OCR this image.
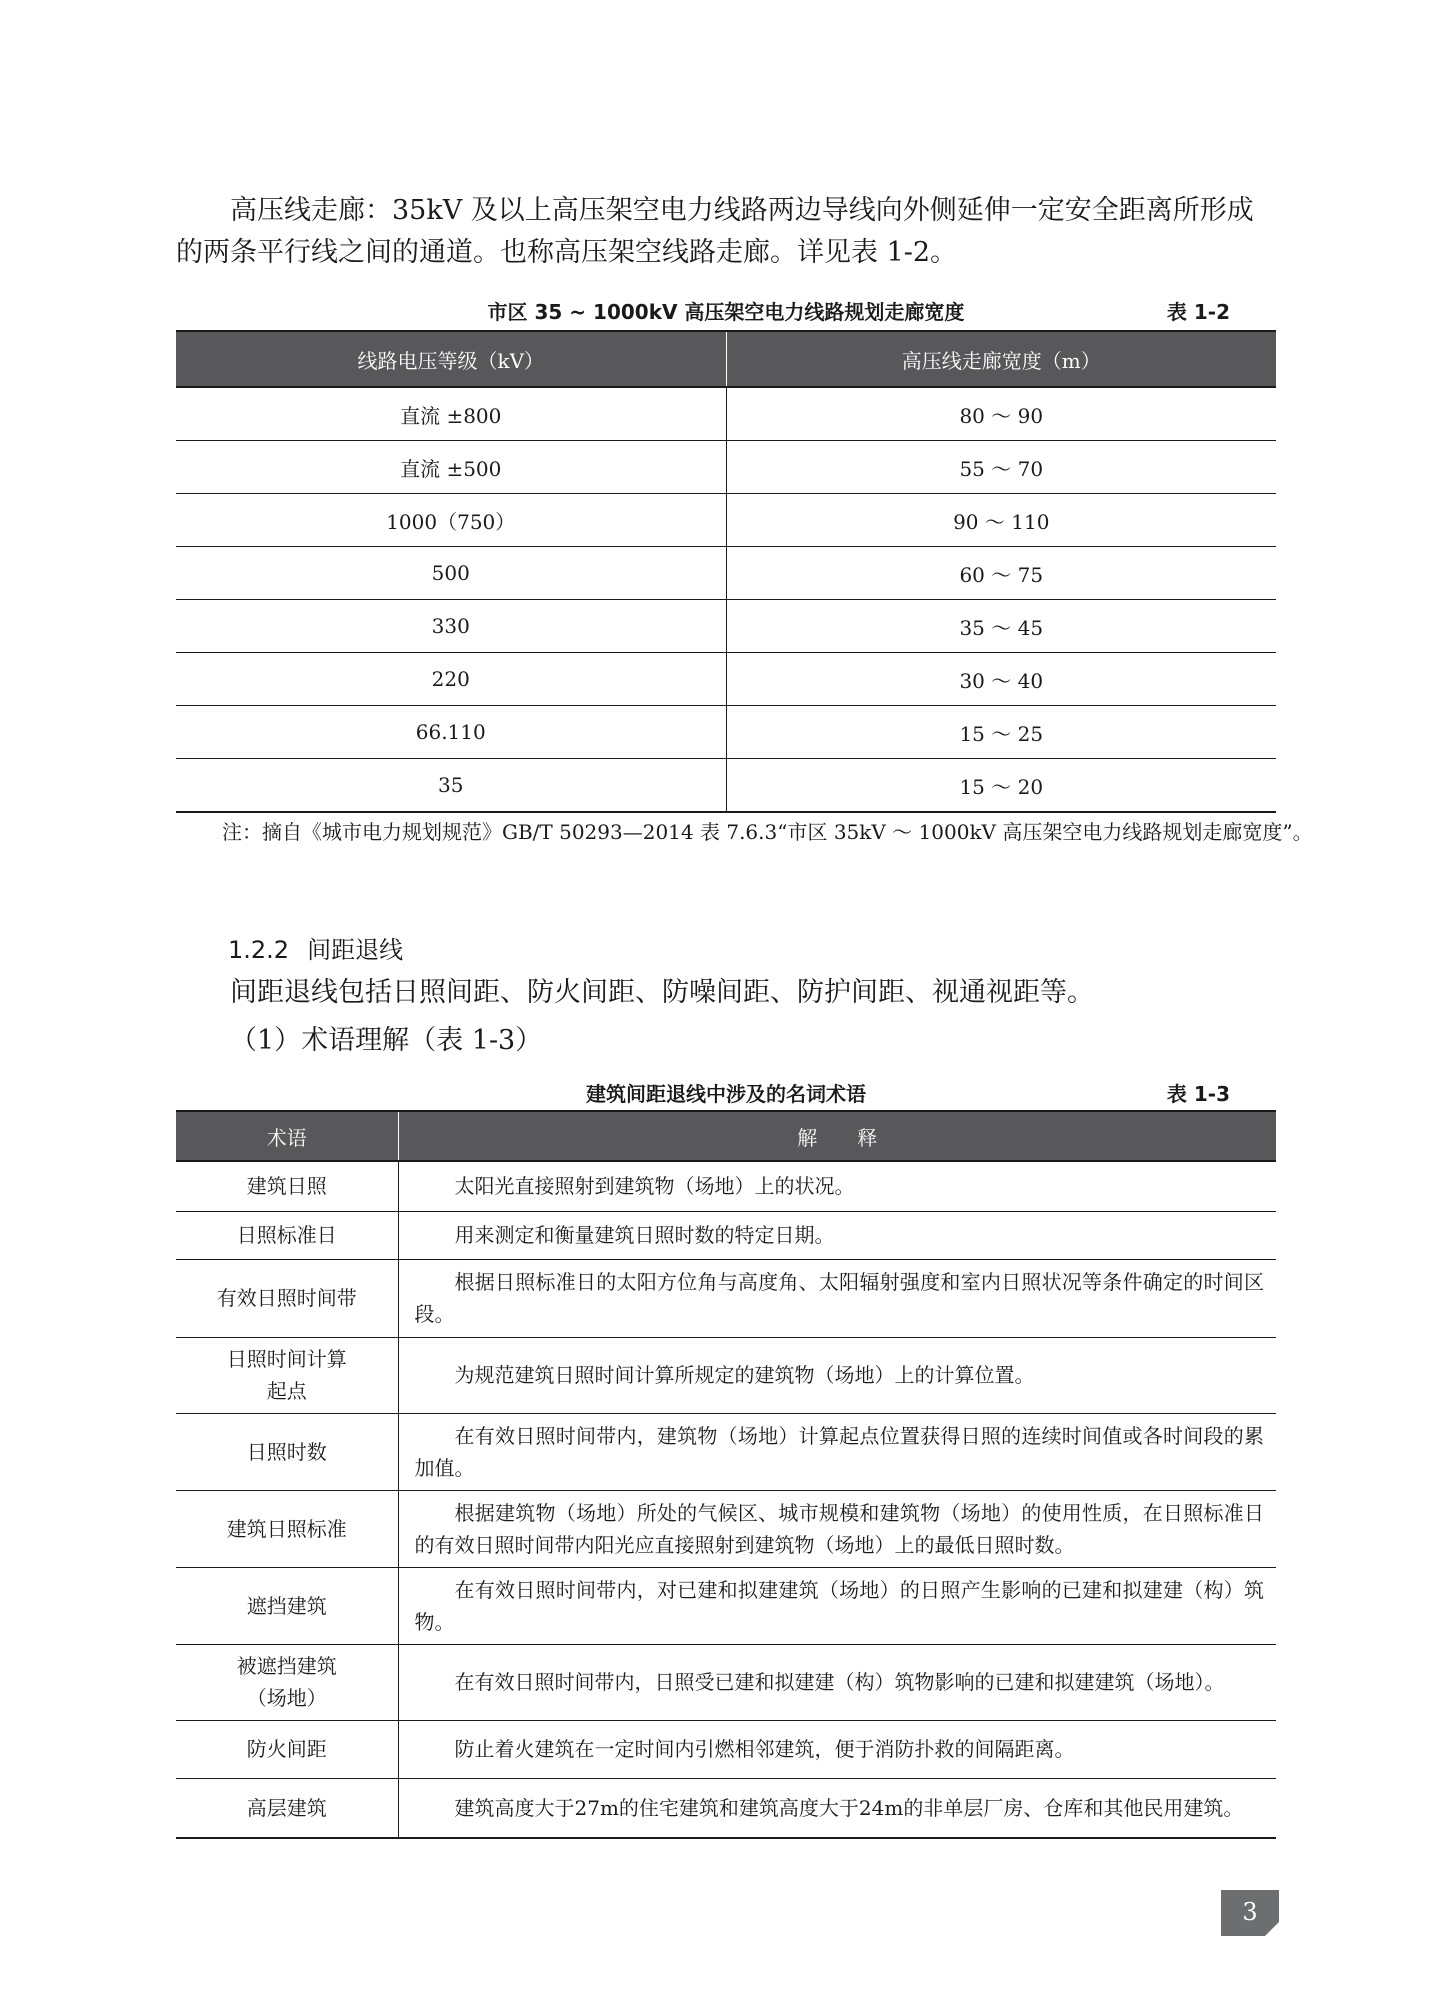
高压线走廊：35kV 及以上高压架空电力线路两边导线向外侧延伸一定安全距离所形成的两条平行线之间的通道。也称高压架空线路走廊。详见表 1-2。

市区 35 ~ 1000kV 高压架空电力线路规划走廊宽度	表 1-2
线路电压等级（kV）	高压线走廊宽度（m）
直流 ±800	80 ～ 90
直流 ±500	55 ～ 70
1000（750）	90 ～ 110
500	60 ～ 75
330	35 ～ 45
220	30 ～ 40
66.110	15 ～ 25
35	15 ～ 20
注：摘自《城市电力规划规范》GB/T 50293—2014 表 7.6.3“市区 35kV ～ 1000kV 高压架空电力线路规划走廊宽度”。
1.2.2 间距退线

间距退线包括日照间距、防火间距、防噪间距、防护间距、视通视距等。

（1）术语理解（表 1-3）

建筑间距退线中涉及的名词术语	表 1-3
术语	解　　释
建筑日照	太阳光直接照射到建筑物（场地）上的状况。

日照标准日	用来测定和衡量建筑日照时数的特定日期。

有效日照时间带	根据日照标准日的太阳方位角与高度角、太阳辐射强度和室内日照状况等条件确定的时间区段。

日照时间计算起点	为规范建筑日照时间计算所规定的建筑物（场地）上的计算位置。

日照时数	在有效日照时间带内，建筑物（场地）计算起点位置获得日照的连续时间值或各时间段的累加值。

建筑日照标准	根据建筑物（场地）所处的气候区、城市规模和建筑物（场地）的使用性质，在日照标准日的有效日照时间带内阳光应直接照射到建筑物（场地）上的最低日照时数。

遮挡建筑	在有效日照时间带内，对已建和拟建建筑（场地）的日照产生影响的已建和拟建建（构）筑物。

被遮挡建筑（场地）	在有效日照时间带内，日照受已建和拟建建（构）筑物影响的已建和拟建建筑（场地）。

防火间距	防止着火建筑在一定时间内引燃相邻建筑，便于消防扑救的间隔距离。

高层建筑	建筑高度大于27m的住宅建筑和建筑高度大于24m的非单层厂房、仓库和其他民用建筑。
3
